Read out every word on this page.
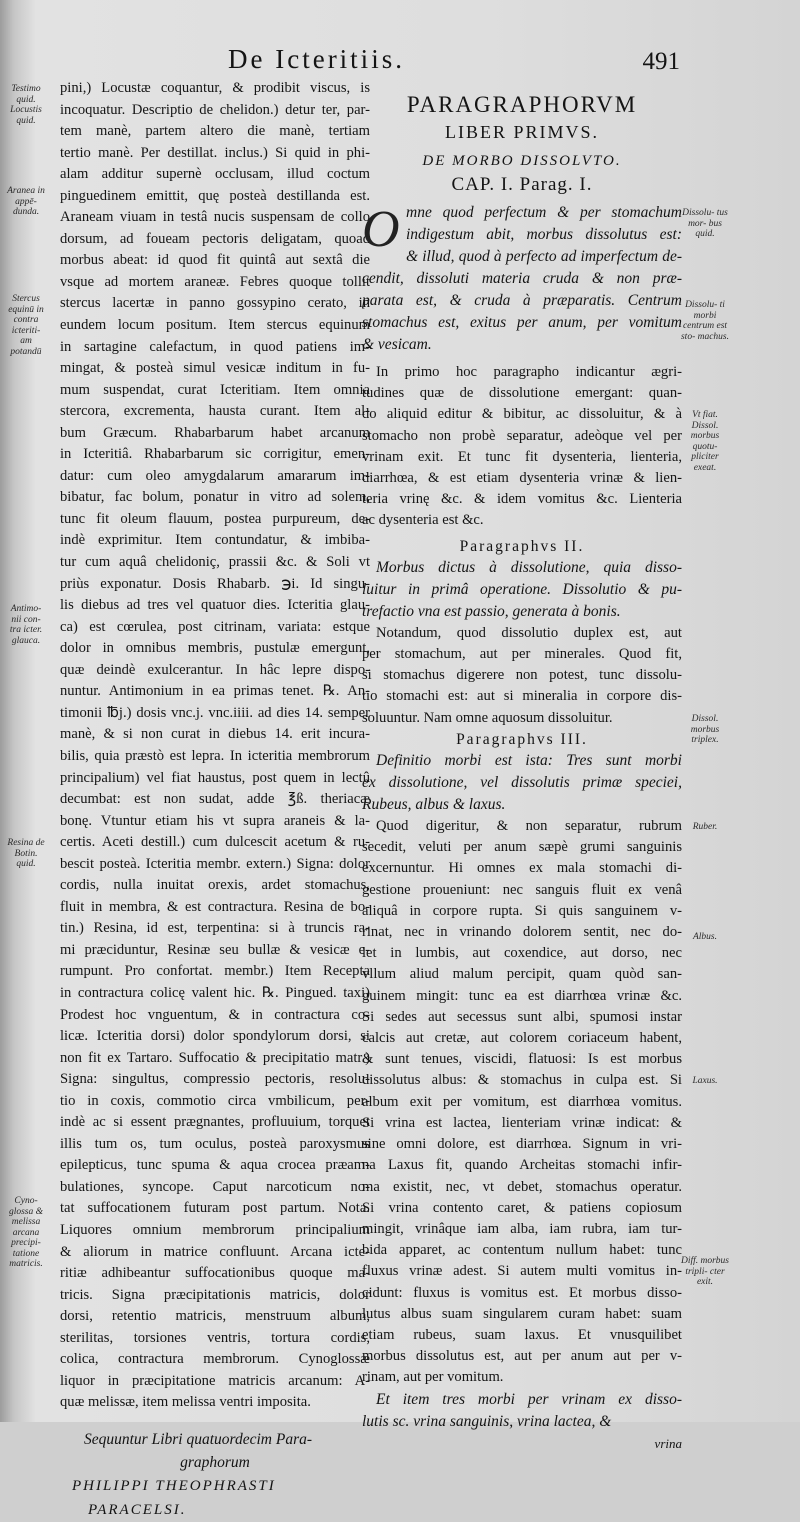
De Icteritiis.	491
pini,) Locustæ coquantur, & prodibit viscus, is
incoquatur. Descriptio de chelidon.) detur ter, par-
tem manè, partem altero die manè, tertiam
tertio manè. Per destillat. inclus.) Si quid in phi-
alam additur supernè occlusam, illud coctum
pinguedinem emittit, quę posteà destillanda est.
Araneam viuam in testâ nucis suspensam de collo
dorsum, ad foueam pectoris deligatam, quoad
morbus abeat: id quod fit quintâ aut sextâ die
vsque ad mortem araneæ. Febres quoque tollit
stercus lacertæ in panno gossypino cerato, in
eundem locum positum. Item stercus equinum
in sartagine calefactum, in quod patiens im-
mingat, & posteà simul vesicæ inditum in fu-
mum suspendat, curat Icteritiam. Item omnia
stercora, excrementa, hausta curant. Item al-
bum Græcum. Rhabarbarum habet arcanum
in Icteritiâ. Rhabarbarum sic corrigitur, emen-
datur: cum oleo amygdalarum amararum im-
bibatur, fac bolum, ponatur in vitro ad solem,
tunc fit oleum flauum, postea purpureum, de-
indè exprimitur. Item contundatur, & imbiba-
tur cum aquâ chelidoniç, prassii &c. & Soli vt
priùs exponatur. Dosis Rhabarb. ℈i. Id singu-
lis diebus ad tres vel quatuor dies. Icteritia glau-
ca) est cœrulea, post citrinam, variata: estque
dolor in omnibus membris, pustulæ emergunt,
quæ deindè exulcerantur. In hâc lepre dispo-
nuntur. Antimonium in ea primas tenet. ℞. An-
timonii ℔j.) dosis vnc.j. vnc.iiii. ad dies 14. semper
manè, & si non curat in diebus 14. erit incura-
bilis, quia præstò est lepra. In icteritia membrorum
principalium) vel fiat haustus, post quem in lectû
decumbat: est non sudat, adde ℥ß. theriacæ
bonę. Vtuntur etiam his vt supra araneis & la-
certis. Aceti destill.) cum dulcescit acetum & ru-
bescit posteà. Icteritia membr. extern.) Signa: dolor
cordis, nulla inuitat orexis, ardet stomachus,
fluit in membra, & est contractura. Resina de bo-
tin.) Resina, id est, terpentina: si à truncis ra-
mi præciduntur, Resinæ seu bullæ & vesicæ e-
rumpunt. Pro confortat. membr.) Item Recepta
in contractura colicę valent hic. ℞. Pingued. taxi)
Prodest hoc vnguentum, & in contractura co-
licæ. Icteritia dorsi) dolor spondylorum dorsi, si
non fit ex Tartaro. Suffocatio & precipitatio matr.)
Signa: singultus, compressio pectoris, resolu-
tio in coxis, commotio circa vmbilicum, per-
indè ac si essent prægnantes, profluuium, torquet
illis tum os, tum oculus, posteà paroxysmus
epilepticus, tunc spuma & aqua crocea præam-
bulationes, syncope. Caput narcoticum no-
tat suffocationem futuram post partum. Nota.
Liquores omnium membrorum principalium
& aliorum in matrice confluunt. Arcana icte-
ritiæ adhibeantur suffocationibus quoque ma-
tricis. Signa præcipitationis matricis, dolor
dorsi, retentio matricis, menstruum album,
sterilitas, torsiones ventris, tortura cordis,
colica, contractura membrorum. Cynoglossæ
liquor in præcipitatione matricis arcanum: A-
quæ melissæ, item melissa ventri imposita.
Sequuntur Libri quatuordecim Para-
graphorum
PHILIPPI THEOPHRASTI
PARACELSI.
PARAGRAPHORVM
LIBER PRIMVS.
DE MORBO DISSOLVTO.
CAP. I. Parag. I.
O mne quod perfectum & per stomachum
indigestum abit, morbus dissolutus est:
& illud, quod à perfecto ad imperfectum de-
cendit, dissoluti materia cruda & non præ-
parata est, & cruda à præparatis. Centrum
stomachus est, exitus per anum, per vomitum
& vesicam.
In primo hoc paragrapho indicantur ægri-
tudines quæ de dissolutione emergant: quan-
do aliquid editur & bibitur, ac dissoluitur, & à
stomacho non probè separatur, adeòque vel per
vrinam exit. Et tunc fit dysenteria, lienteria,
diarrhœa, & est etiam dysenteria vrinæ & lien-
teria vrinę &c. & idem vomitus &c. Lienteria
ac dysenteria est &c.
Paragraphvs II.
Morbus dictus à dissolutione, quia disso-
luitur in primâ operatione. Dissolutio & pu-
trefactio vna est passio, generata à bonis.
Notandum, quod dissolutio duplex est, aut
per stomachum, aut per minerales. Quod fit,
si stomachus digerere non potest, tunc dissolu-
tio stomachi est: aut si mineralia in corpore dis-
soluuntur. Nam omne aquosum dissoluitur.
Paragraphvs III.
Definitio morbi est ista: Tres sunt morbi
ex dissolutione, vel dissolutis primæ speciei,
Rubeus, albus & laxus.
Quod digeritur, & non separatur, rubrum
secedit, veluti per anum sæpè grumi sanguinis
excernuntur. Hi omnes ex mala stomachi di-
gestione proueniunt: nec sanguis fluit ex venâ
aliquâ in corpore rupta. Si quis sanguinem v-
rinat, nec in vrinando dolorem sentit, nec do-
let in lumbis, aut coxendice, aut dorso, nec
vllum aliud malum percipit, quam quòd san-
guinem mingit: tunc ea est diarrhœa vrinæ &c.
Si sedes aut secessus sunt albi, spumosi instar
calcis aut cretæ, aut colorem coriaceum habent,
& sunt tenues, viscidi, flatuosi: Is est morbus
dissolutus albus: & stomachus in culpa est. Si
album exit per vomitum, est diarrhœa vomitus.
Si vrina est lactea, lienteriam vrinæ indicat: &
sine omni dolore, est diarrhœa. Signum in vri-
na Laxus fit, quando Archeitas stomachi infir-
ma existit, nec, vt debet, stomachus operatur.
Si vrina contento caret, & patiens copiosum
mingit, vrinâque iam alba, iam rubra, iam tur-
bida apparet, ac contentum nullum habet: tunc
fluxus vrinæ adest. Si autem multi vomitus in-
cidunt: fluxus is vomitus est. Et morbus disso-
lutus albus suam singularem curam habet: suam
etiam rubeus, suam laxus. Et vnusquilibet
morbus dissolutus est, aut per anum aut per v-
rinam, aut per vomitum.
Et item tres morbi per vrinam ex disso-
lutis sc. vrina sanguinis, vrina lactea, &
vrina
Testimo quid. Locustis quid.
Aranea in appē- dunda.
Stercus equinū in contra icteriti- am potandū
Antimo- nii con- tra icter. glauca.
Resina de Botin. quid.
Cyno- glossa & melissa arcana precipi- tatione matricis.
Dissolu- tus mor- bus quid.
Dissolu- ti morbi centrum est sto- machus.
Vt fiat. Dissol. morbus quotu- pliciter exeat.
Dissol. morbus triplex.
Ruber.
Albus.
Laxus.
Diff. morbus tripli- cter exit.
